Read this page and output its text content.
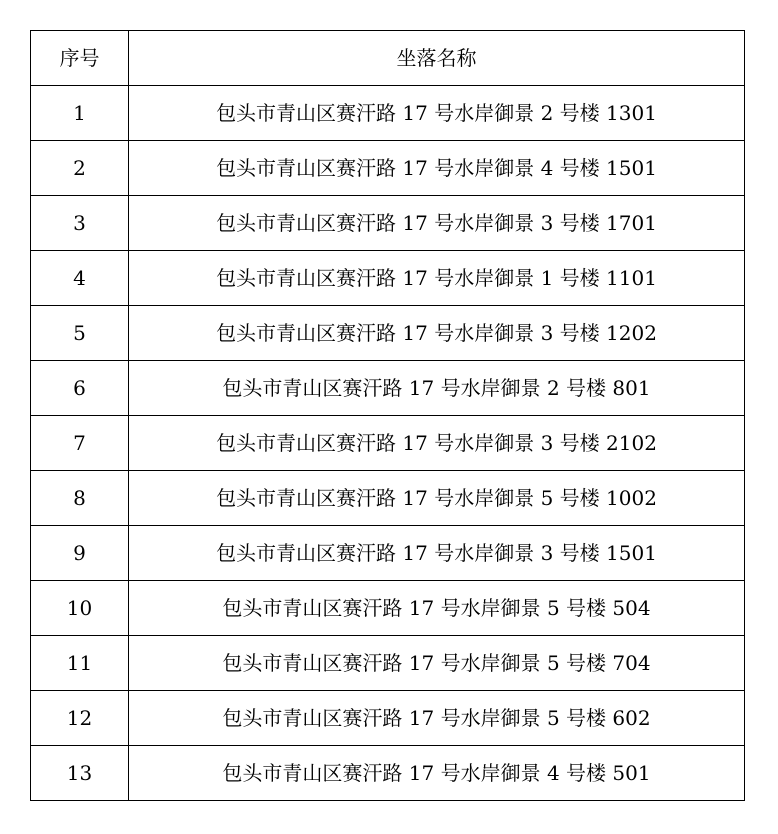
序号	坐落名称
1	包头市青山区赛汗路 17 号水岸御景 2 号楼 1301
2	包头市青山区赛汗路 17 号水岸御景 4 号楼 1501
3	包头市青山区赛汗路 17 号水岸御景 3 号楼 1701
4	包头市青山区赛汗路 17 号水岸御景 1 号楼 1101
5	包头市青山区赛汗路 17 号水岸御景 3 号楼 1202
6	包头市青山区赛汗路 17 号水岸御景 2 号楼 801
7	包头市青山区赛汗路 17 号水岸御景 3 号楼 2102
8	包头市青山区赛汗路 17 号水岸御景 5 号楼 1002
9	包头市青山区赛汗路 17 号水岸御景 3 号楼 1501
10	包头市青山区赛汗路 17 号水岸御景 5 号楼 504
11	包头市青山区赛汗路 17 号水岸御景 5 号楼 704
12	包头市青山区赛汗路 17 号水岸御景 5 号楼 602
13	包头市青山区赛汗路 17 号水岸御景 4 号楼 501
